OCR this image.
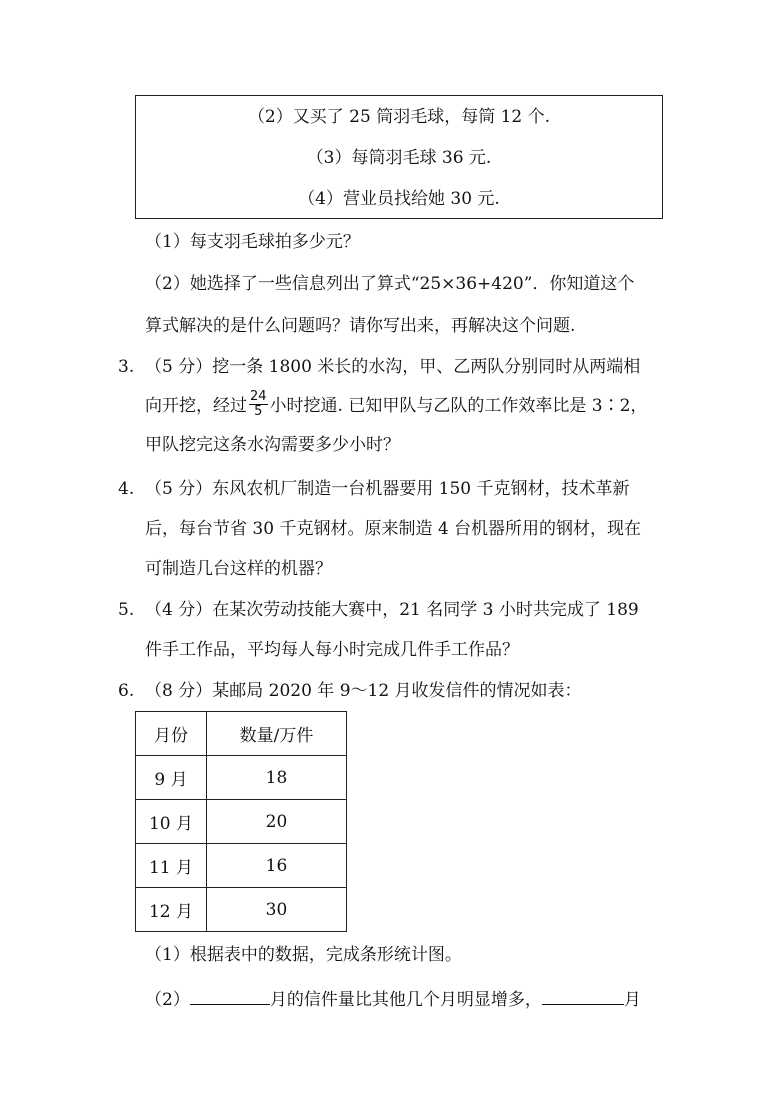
（2）又买了 25 筒羽毛球，每筒 12 个.
（3）每筒羽毛球 36 元.
（4）营业员找给她 30 元.
（1）每支羽毛球拍多少元？
（2）她选择了一些信息列出了算式“25×36+420”．你知道这个
算式解决的是什么问题吗？请你写出来，再解决这个问题.
3. （5 分）挖一条 1800 米长的水沟，甲、乙两队分别同时从两端相
向开挖，经过 $\frac{24}{5}$ 小时挖通. 已知甲队与乙队的工作效率比是 3∶2，
甲队挖完这条水沟需要多少小时？
4. （5 分）东风农机厂制造一台机器要用 150 千克钢材，技术革新
后，每台节省 30 千克钢材。原来制造 4 台机器所用的钢材，现在
可制造几台这样的机器？
5. （4 分）在某次劳动技能大赛中，21 名同学 3 小时共完成了 189
件手工作品，平均每人每小时完成几件手工作品？
6. （8 分）某邮局 2020 年 9～12 月收发信件的情况如表：
月份	数量/万件
9 月	18
10 月	20
11 月	16
12 月	30
（1）根据表中的数据，完成条形统计图。
（2）	月的信件量比其他几个月明显增多，	月
